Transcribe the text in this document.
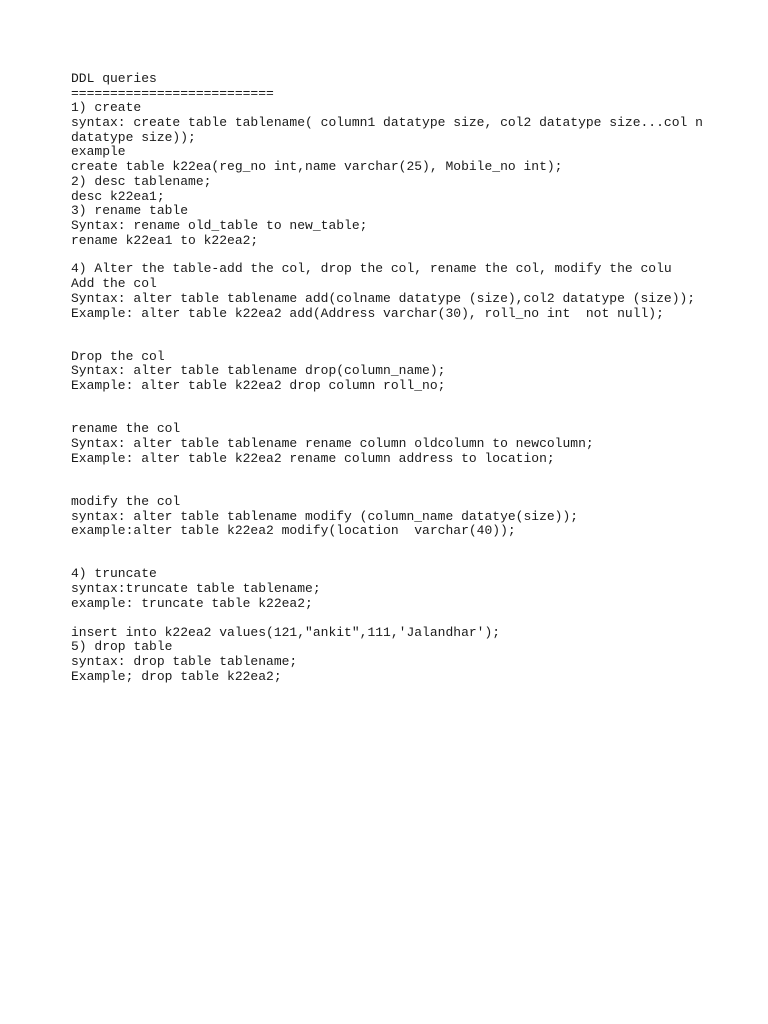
DDL queries
==========================
1) create
syntax: create table tablename( column1 datatype size, col2 datatype size...col n
datatype size));
example
create table k22ea(reg_no int,name varchar(25), Mobile_no int);
2) desc tablename;
desc k22ea1;
3) rename table
Syntax: rename old_table to new_table;
rename k22ea1 to k22ea2;
4) Alter the table-add the col, drop the col, rename the col, modify the colu
Add the col
Syntax: alter table tablename add(colname datatype (size),col2 datatype (size));
Example: alter table k22ea2 add(Address varchar(30), roll_no int  not null);
Drop the col
Syntax: alter table tablename drop(column_name);
Example: alter table k22ea2 drop column roll_no;
rename the col
Syntax: alter table tablename rename column oldcolumn to newcolumn;
Example: alter table k22ea2 rename column address to location;
modify the col
syntax: alter table tablename modify (column_name datatye(size));
example:alter table k22ea2 modify(location  varchar(40));
4) truncate
syntax:truncate table tablename;
example: truncate table k22ea2;
insert into k22ea2 values(121,"ankit",111,'Jalandhar');
5) drop table
syntax: drop table tablename;
Example; drop table k22ea2;
